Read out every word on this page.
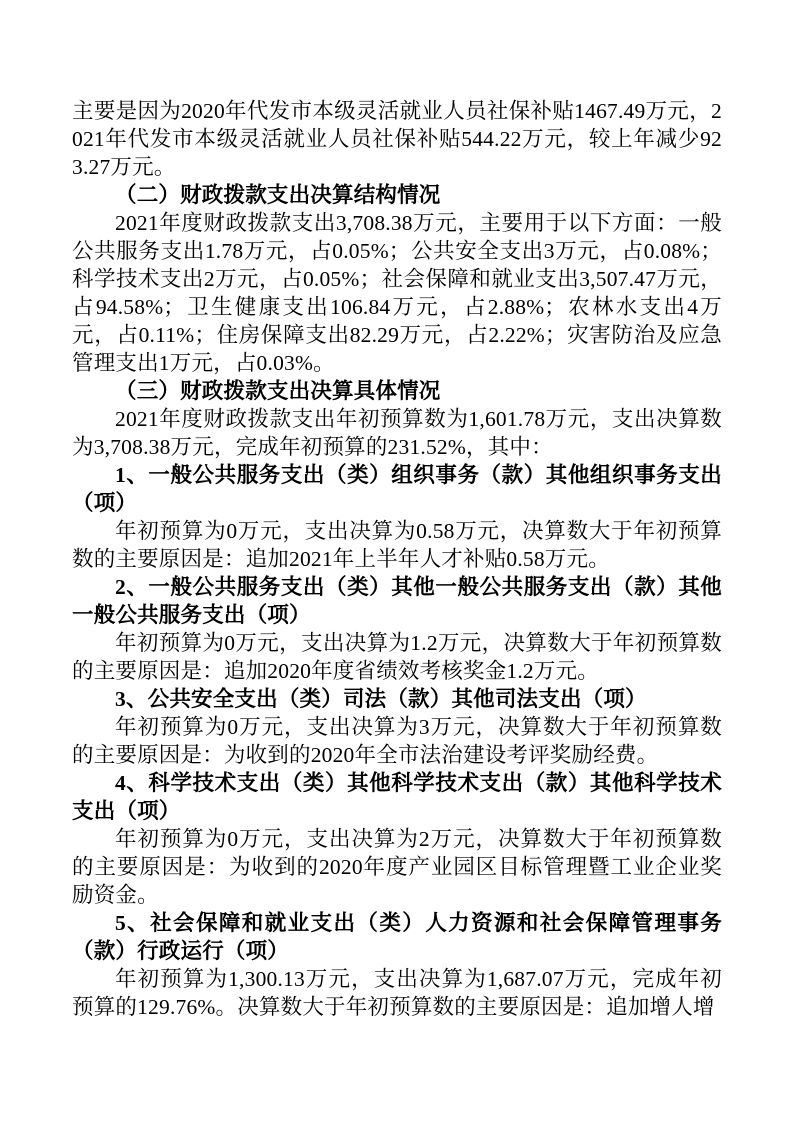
主要是因为2020年代发市本级灵活就业人员社保补贴1467.49万元，2021年代发市本级灵活就业人员社保补贴544.22万元，较上年减少923.27万元。

（二）财政拨款支出决算结构情况

2021年度财政拨款支出3,708.38万元，主要用于以下方面：一般公共服务支出1.78万元，占0.05%；公共安全支出3万元，占0.08%；科学技术支出2万元，占0.05%；社会保障和就业支出3,507.47万元，占94.58%；卫生健康支出106.84万元，占2.88%；农林水支出4万元，占0.11%；住房保障支出82.29万元，占2.22%；灾害防治及应急管理支出1万元，占0.03%。

（三）财政拨款支出决算具体情况

2021年度财政拨款支出年初预算数为1,601.78万元，支出决算数为3,708.38万元，完成年初预算的231.52%，其中：

1、一般公共服务支出（类）组织事务（款）其他组织事务支出（项）

年初预算为0万元，支出决算为0.58万元，决算数大于年初预算数的主要原因是：追加2021年上半年人才补贴0.58万元。

2、一般公共服务支出（类）其他一般公共服务支出（款）其他一般公共服务支出（项）

年初预算为0万元，支出决算为1.2万元，决算数大于年初预算数的主要原因是：追加2020年度省绩效考核奖金1.2万元。

3、公共安全支出（类）司法（款）其他司法支出（项）

年初预算为0万元，支出决算为3万元，决算数大于年初预算数的主要原因是：为收到的2020年全市法治建设考评奖励经费。

4、科学技术支出（类）其他科学技术支出（款）其他科学技术支出（项）

年初预算为0万元，支出决算为2万元，决算数大于年初预算数的主要原因是：为收到的2020年度产业园区目标管理暨工业企业奖励资金。

5、社会保障和就业支出（类）人力资源和社会保障管理事务（款）行政运行（项）

年初预算为1,300.13万元，支出决算为1,687.07万元，完成年初预算的129.76%。决算数大于年初预算数的主要原因是：追加增人增
